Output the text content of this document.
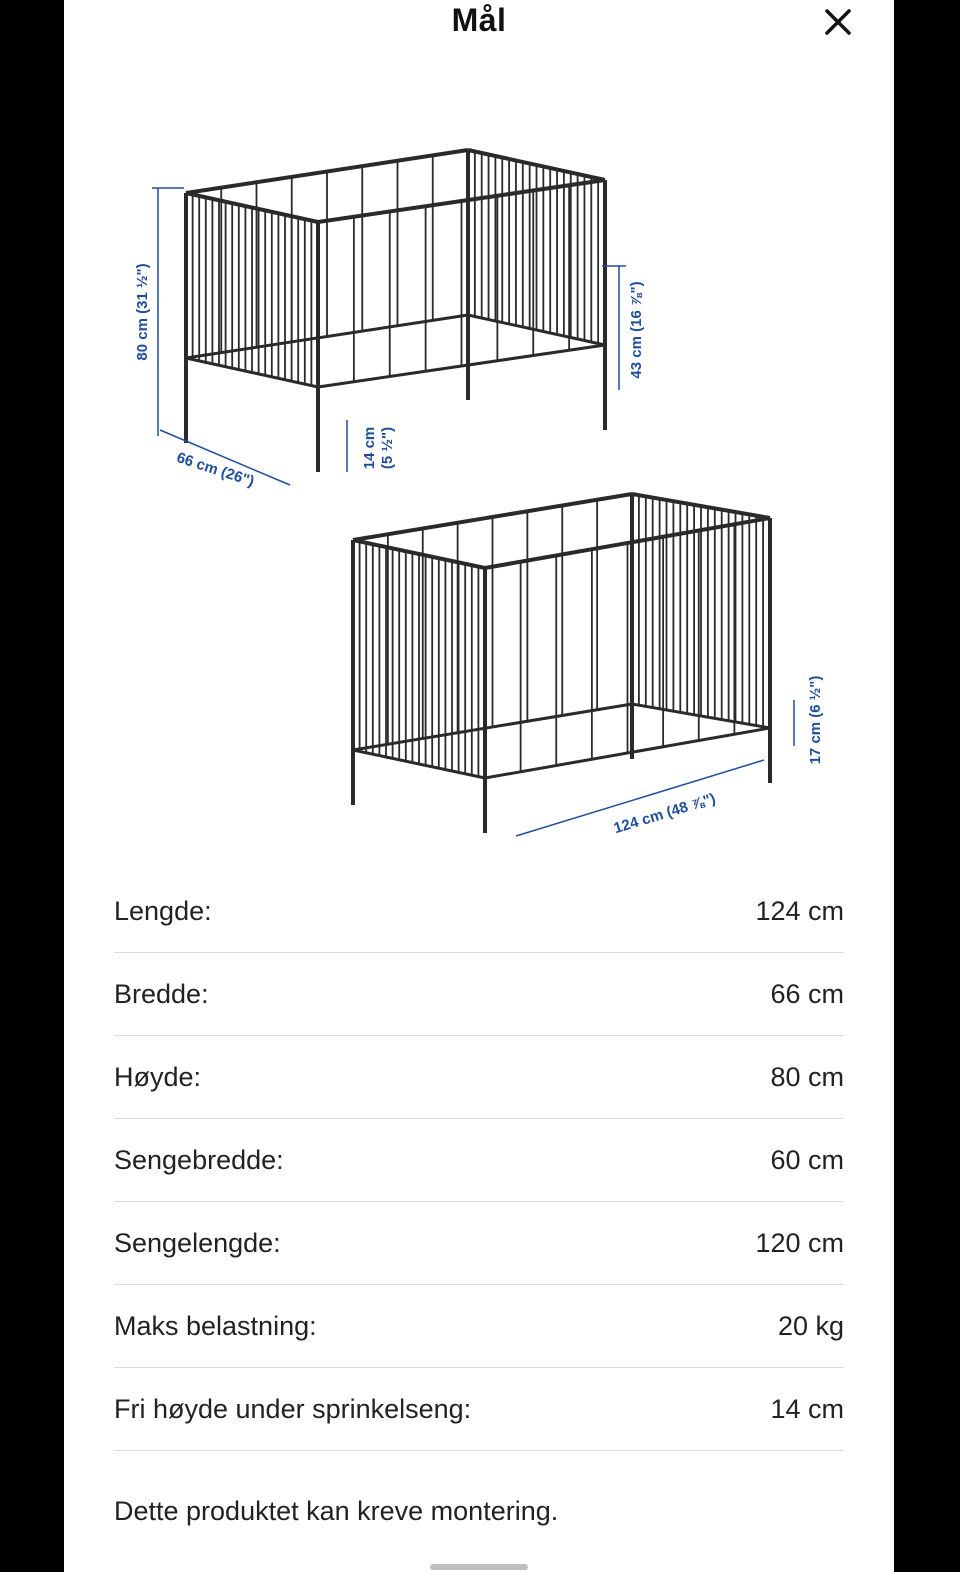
Mål
80 cm (31 ½")
66 cm (26")
14 cm (5 ½")
43 cm (16 ⅞")
17 cm (6 ½")
124 cm (48 ⅞")
Lengde:	124 cm
Bredde:	66 cm
Høyde:	80 cm
Sengebredde:	60 cm
Sengelengde:	120 cm
Maks belastning:	20 kg
Fri høyde under sprinkelseng:	14 cm
Dette produktet kan kreve montering.
